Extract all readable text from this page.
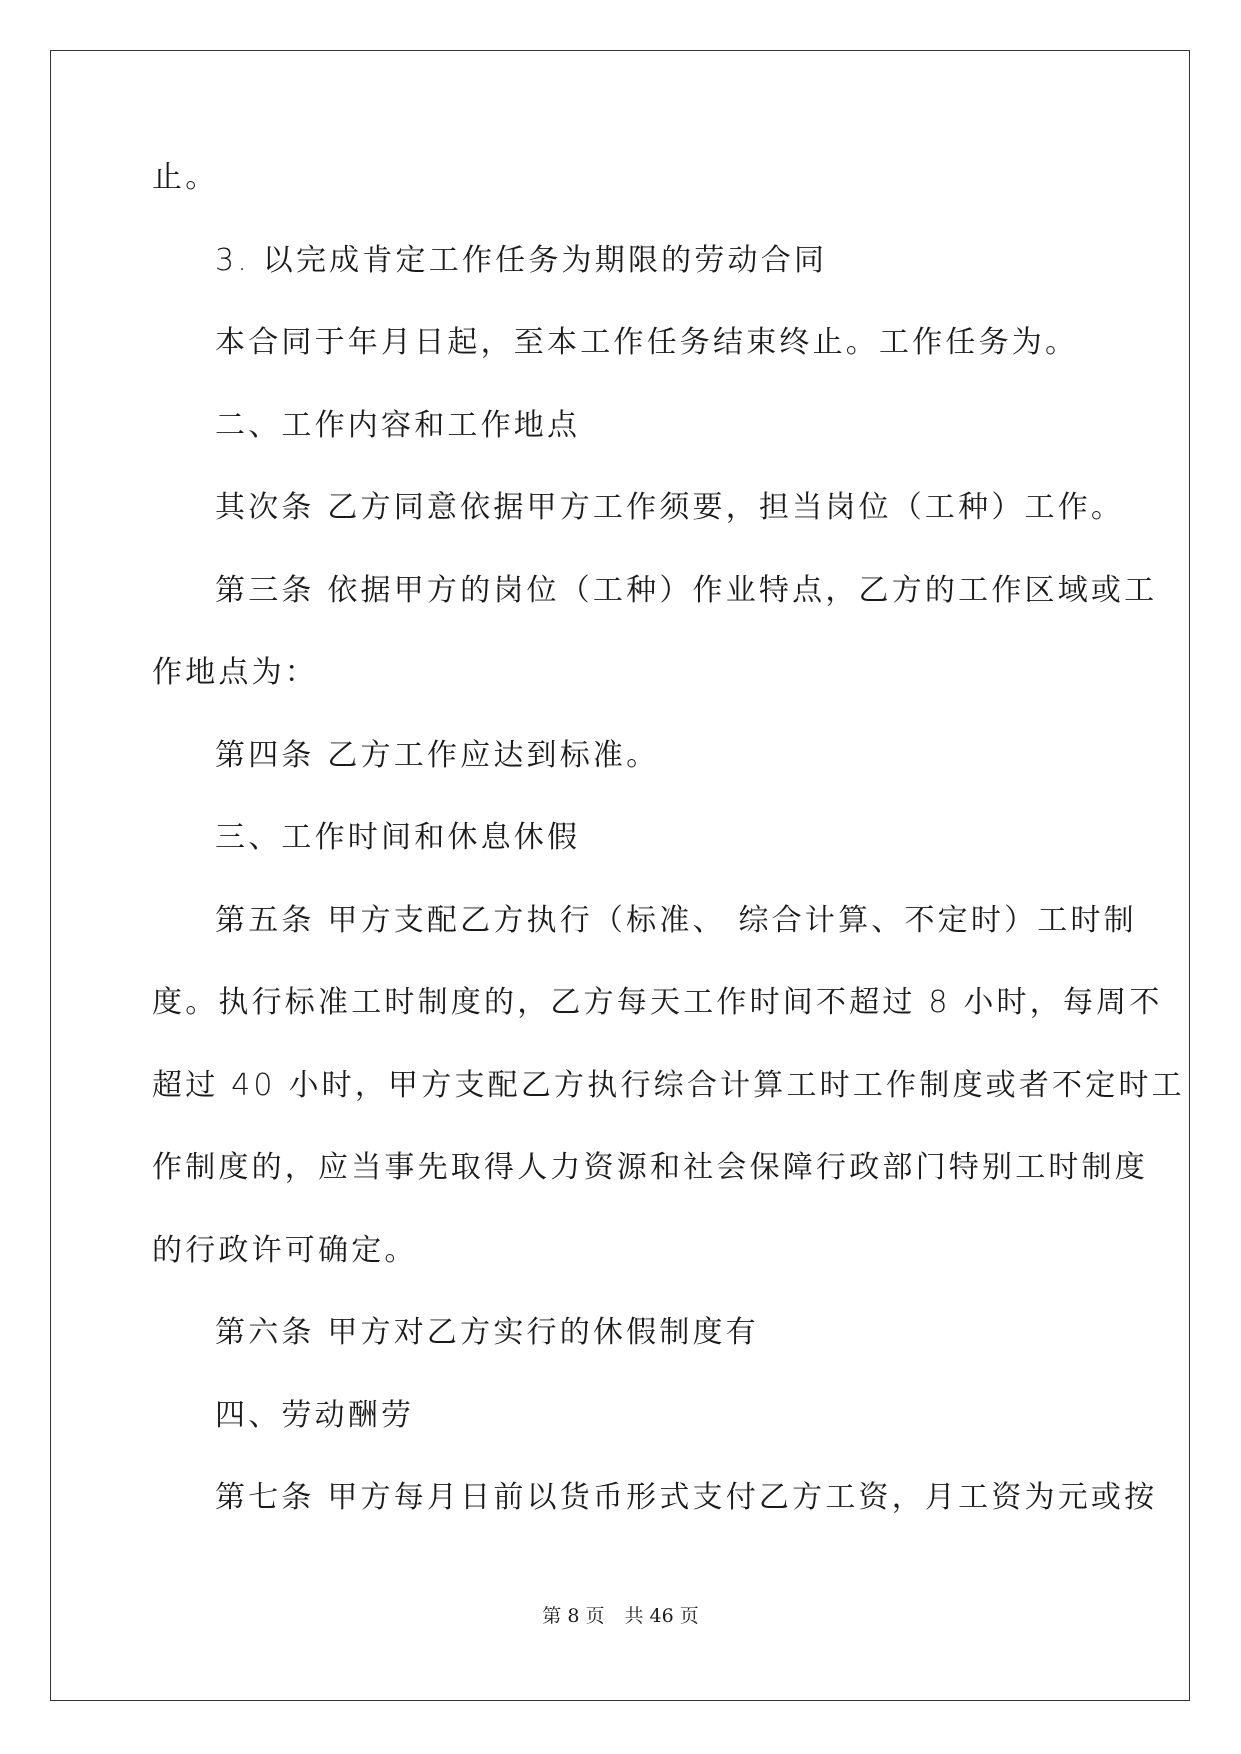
止。
3. 以完成肯定工作任务为期限的劳动合同
本合同于年月日起，至本工作任务结束终止。工作任务为。
二、工作内容和工作地点
其次条 乙方同意依据甲方工作须要，担当岗位（工种）工作。
第三条 依据甲方的岗位（工种）作业特点，乙方的工作区域或工
作地点为：
第四条 乙方工作应达到标准。
三、工作时间和休息休假
第五条 甲方支配乙方执行（标准、 综合计算、不定时）工时制
度。执行标准工时制度的，乙方每天工作时间不超过 8 小时，每周不
超过 40 小时，甲方支配乙方执行综合计算工时工作制度或者不定时工
作制度的，应当事先取得人力资源和社会保障行政部门特别工时制度
的行政许可确定。
第六条 甲方对乙方实行的休假制度有
四、劳动酬劳
第七条 甲方每月日前以货币形式支付乙方工资，月工资为元或按
第 8 页 共 46 页
